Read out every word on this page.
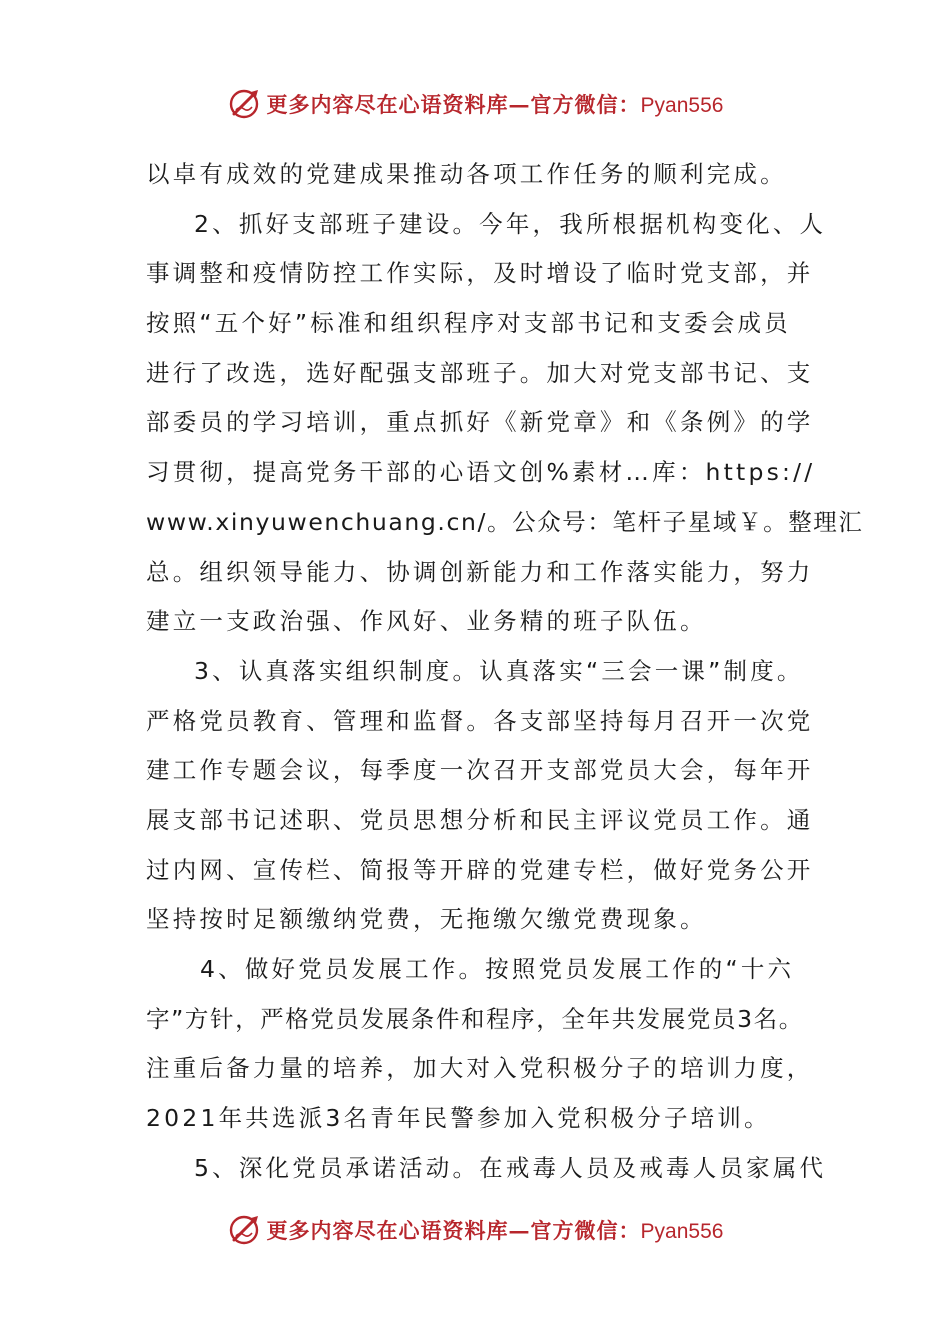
更多内容尽在心语资料库—官方微信：Pyan556
以卓有成效的党建成果推动各项工作任务的顺利完成。
2、抓好支部班子建设。今年，我所根据机构变化、人
事调整和疫情防控工作实际，及时增设了临时党支部，并
按照“五个好”标准和组织程序对支部书记和支委会成员
进行了改选，选好配强支部班子。加大对党支部书记、支
部委员的学习培训，重点抓好《新党章》和《条例》的学
习贯彻，提高党务干部的心语文创%素材…库：https://
www.xinyuwenchuang.cn/。公众号：笔杆子星域￥。整理汇
总。组织领导能力、协调创新能力和工作落实能力，努力
建立一支政治强、作风好、业务精的班子队伍。
3、认真落实组织制度。认真落实“三会一课”制度。
严格党员教育、管理和监督。各支部坚持每月召开一次党
建工作专题会议，每季度一次召开支部党员大会，每年开
展支部书记述职、党员思想分析和民主评议党员工作。通
过内网、宣传栏、简报等开辟的党建专栏，做好党务公开
坚持按时足额缴纳党费，无拖缴欠缴党费现象。
4、做好党员发展工作。按照党员发展工作的“十六
字”方针，严格党员发展条件和程序，全年共发展党员3名。
注重后备力量的培养，加大对入党积极分子的培训力度，
2021年共选派3名青年民警参加入党积极分子培训。
5、深化党员承诺活动。在戒毒人员及戒毒人员家属代
更多内容尽在心语资料库—官方微信：Pyan556
